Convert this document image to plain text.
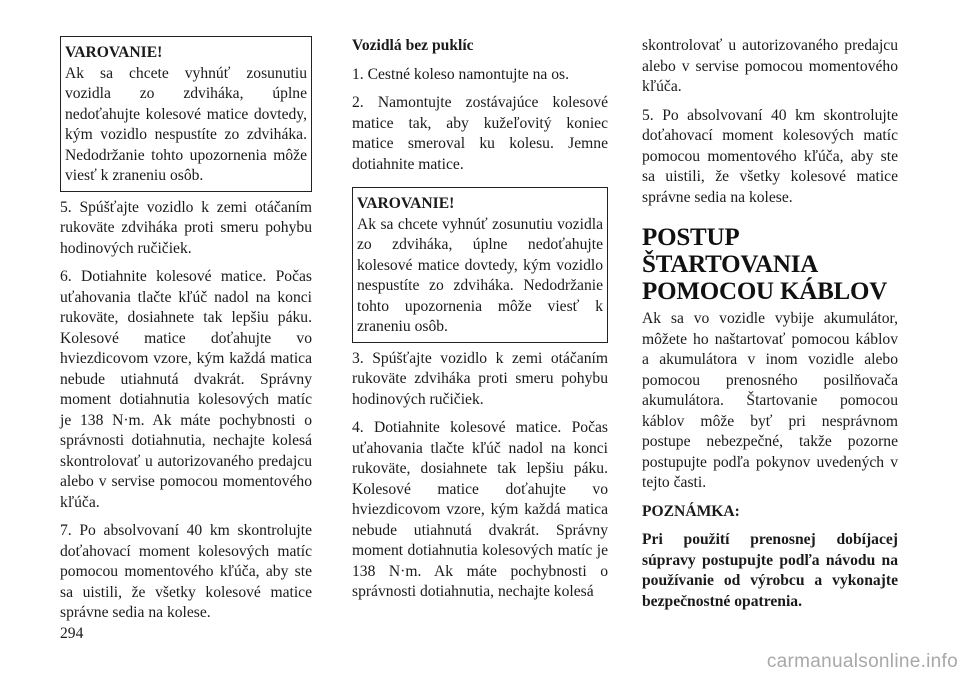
VAROVANIE!
Ak sa chcete vyhnúť zosunutiu vozidla zo zdviháka, úplne nedoťahujte kolesové matice dovtedy, kým vozidlo nespustíte zo zdviháka. Nedodržanie tohto upozornenia môže viesť k zraneniu osôb.

5. Spúšťajte vozidlo k zemi otáčaním rukoväte zdviháka proti smeru pohybu hodinových ručičiek.

6. Dotiahnite kolesové matice. Počas uťahovania tlačte kľúč nadol na konci rukoväte, dosiahnete tak lepšiu páku. Kolesové matice doťahujte vo hviezdicovom vzore, kým každá matica nebude utiahnutá dvakrát. Správny moment dotiahnutia kolesových matíc je 138 N·m. Ak máte pochybnosti o správnosti dotiahnutia, nechajte kolesá skontrolovať u autorizovaného predajcu alebo v servise pomocou momentového kľúča.

7. Po absolvovaní 40 km skontrolujte doťahovací moment kolesových matíc pomocou momentového kľúča, aby ste sa uistili, že všetky kolesové matice správne sedia na kolese.

Vozidlá bez puklíc

1. Cestné koleso namontujte na os.

2. Namontujte zostávajúce kolesové matice tak, aby kužeľovitý koniec matice smeroval ku kolesu. Jemne dotiahnite matice.

VAROVANIE!
Ak sa chcete vyhnúť zosunutiu vozidla zo zdviháka, úplne nedoťahujte kolesové matice dovtedy, kým vozidlo nespustíte zo zdviháka. Nedodržanie tohto upozornenia môže viesť k zraneniu osôb.

3. Spúšťajte vozidlo k zemi otáčaním rukoväte zdviháka proti smeru pohybu hodinových ručičiek.

4. Dotiahnite kolesové matice. Počas uťahovania tlačte kľúč nadol na konci rukoväte, dosiahnete tak lepšiu páku. Kolesové matice doťahujte vo hviezdicovom vzore, kým každá matica nebude utiahnutá dvakrát. Správny moment dotiahnutia kolesových matíc je 138 N·m. Ak máte pochybnosti o správnosti dotiahnutia, nechajte kolesá

skontrolovať u autorizovaného predajcu alebo v servise pomocou momentového kľúča.

5. Po absolvovaní 40 km skontrolujte doťahovací moment kolesových matíc pomocou momentového kľúča, aby ste sa uistili, že všetky kolesové matice správne sedia na kolese.

POSTUP ŠTARTOVANIA POMOCOU KÁBLOV

Ak sa vo vozidle vybije akumulátor, môžete ho naštartovať pomocou káblov a akumulátora v inom vozidle alebo pomocou prenosného posilňovača akumulátora. Štartovanie pomocou káblov môže byť pri nesprávnom postupe nebezpečné, takže pozorne postupujte podľa pokynov uvedených v tejto časti.

POZNÁMKA:

Pri použití prenosnej dobíjacej súpravy postupujte podľa návodu na používanie od výrobcu a vykonajte bezpečnostné opatrenia.

294
carmanualsonline.info
